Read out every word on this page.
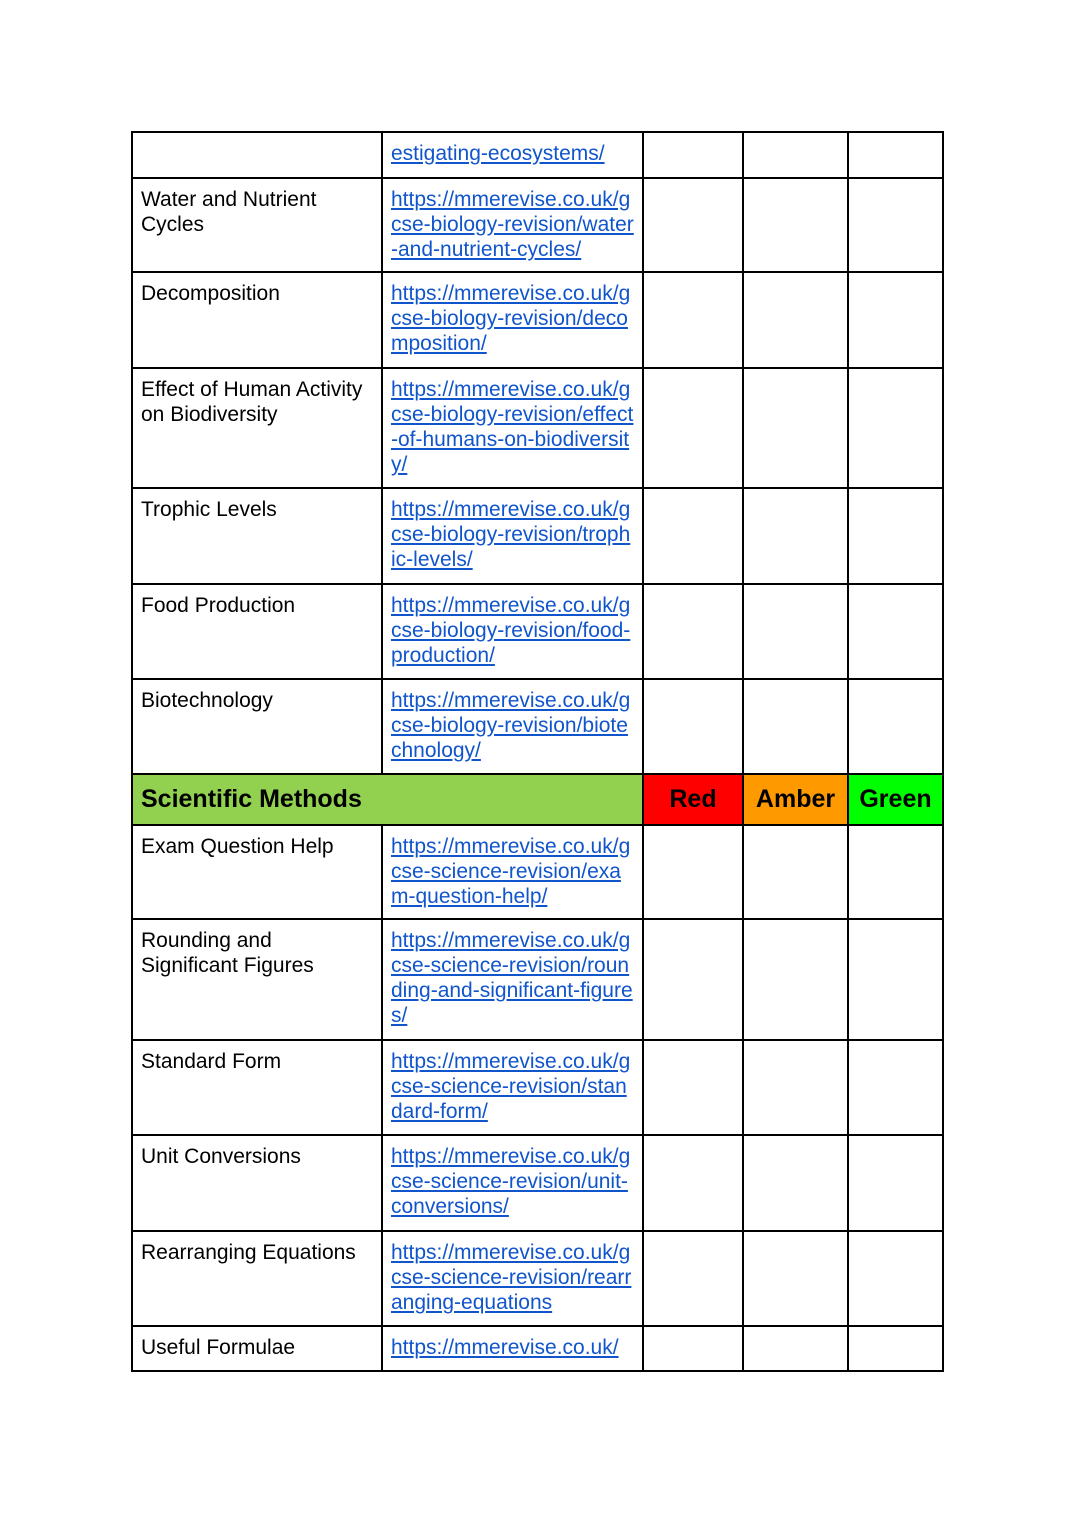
	estigating-ecosystems/			

Water and Nutrient Cycles	https://mmerevise.co.uk/gcse-biology-revision/water-and-nutrient-cycles/			

Decomposition	https://mmerevise.co.uk/gcse-biology-revision/decomposition/			

Effect of Human Activity on Biodiversity	https://mmerevise.co.uk/gcse-biology-revision/effect-of-humans-on-biodiversity/			

Trophic Levels	https://mmerevise.co.uk/gcse-biology-revision/trophic-levels/			

Food Production	https://mmerevise.co.uk/gcse-biology-revision/food-production/			

Biotechnology	https://mmerevise.co.uk/gcse-biology-revision/biotechnology/			

Scientific Methods		Red	Amber	Green
Exam Question Help	https://mmerevise.co.uk/gcse-science-revision/exam-question-help/			

Rounding and Significant Figures	https://mmerevise.co.uk/gcse-science-revision/rounding-and-significant-figures/			

Standard Form	https://mmerevise.co.uk/gcse-science-revision/standard-form/			

Unit Conversions	https://mmerevise.co.uk/gcse-science-revision/unit-conversions/			

Rearranging Equations	https://mmerevise.co.uk/gcse-science-revision/rearranging-equations			

Useful Formulae	https://mmerevise.co.uk/			
